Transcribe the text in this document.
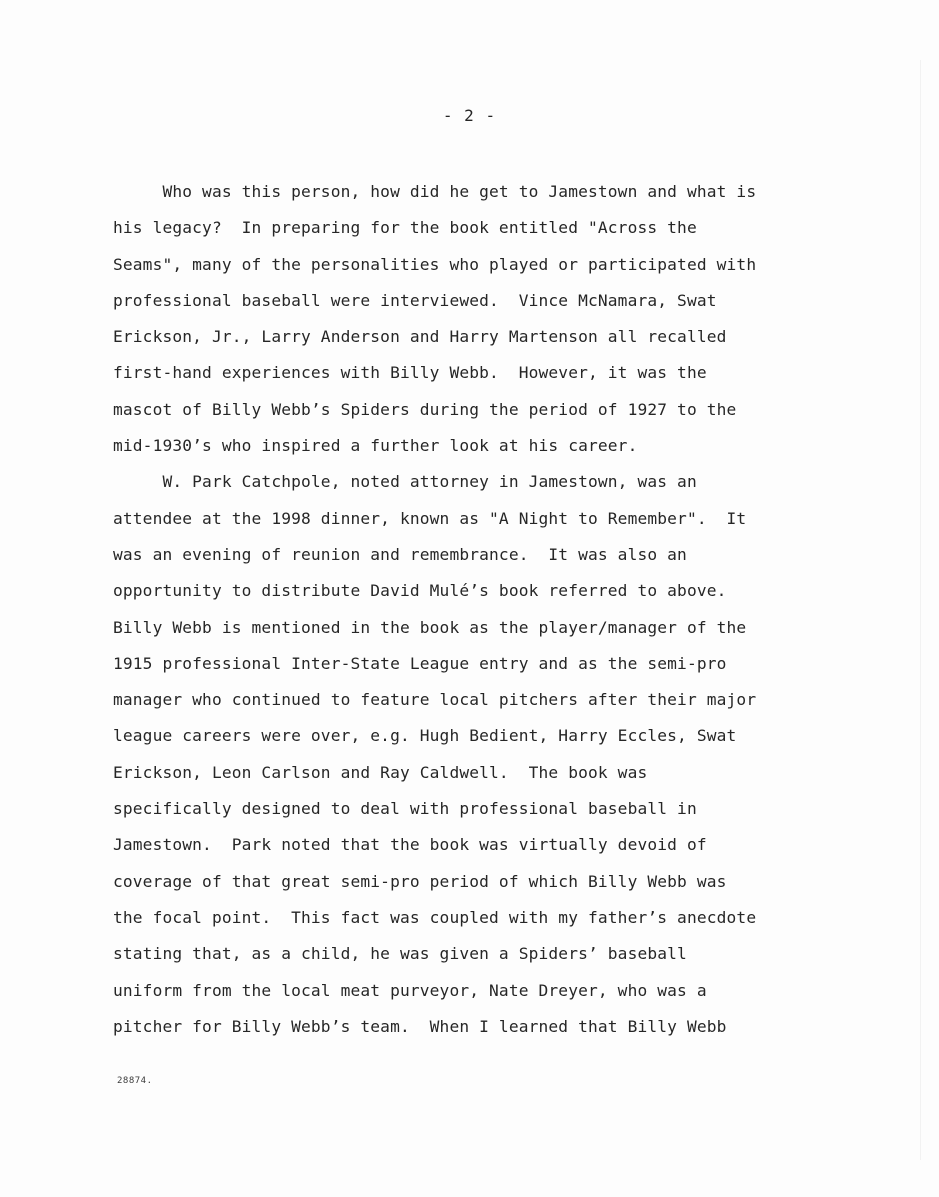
- 2 -
Who was this person, how did he get to Jamestown and what is
his legacy?  In preparing for the book entitled "Across the
Seams", many of the personalities who played or participated with
professional baseball were interviewed.  Vince McNamara, Swat
Erickson, Jr., Larry Anderson and Harry Martenson all recalled
first-hand experiences with Billy Webb.  However, it was the
mascot of Billy Webb’s Spiders during the period of 1927 to the
mid-1930’s who inspired a further look at his career.
W. Park Catchpole, noted attorney in Jamestown, was an
attendee at the 1998 dinner, known as "A Night to Remember".  It
was an evening of reunion and remembrance.  It was also an
opportunity to distribute David Mulé’s book referred to above.
Billy Webb is mentioned in the book as the player/manager of the
1915 professional Inter-State League entry and as the semi-pro
manager who continued to feature local pitchers after their major
league careers were over, e.g. Hugh Bedient, Harry Eccles, Swat
Erickson, Leon Carlson and Ray Caldwell.  The book was
specifically designed to deal with professional baseball in
Jamestown.  Park noted that the book was virtually devoid of
coverage of that great semi-pro period of which Billy Webb was
the focal point.  This fact was coupled with my father’s anecdote
stating that, as a child, he was given a Spiders’ baseball
uniform from the local meat purveyor, Nate Dreyer, who was a
pitcher for Billy Webb’s team.  When I learned that Billy Webb
28874.
